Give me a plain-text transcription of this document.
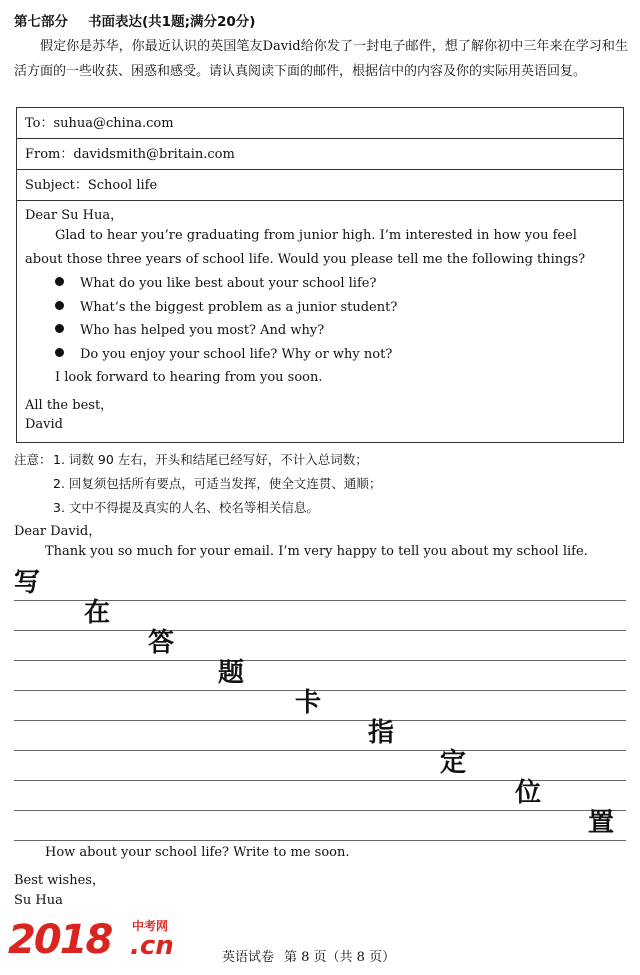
第七部分 书面表达(共1题;满分20分)
假定你是苏华，你最近认识的英国笔友David给你发了一封电子邮件，想了解你初中三年来在学习和生活方面的一些收获、困惑和感受。请认真阅读下面的邮件，根据信中的内容及你的实际用英语回复。
To：suhua@china.com
From：davidsmith@britain.com
Subject：School life
Dear Su Hua，
Glad to hear you’re graduating from junior high. I’m interested in how you feel
about those three years of school life. Would you please tell me the following things?
What do you like best about your school life?
What’s the biggest problem as a junior student?
Who has helped you most? And why?
Do you enjoy your school life? Why or why not?
I look forward to hearing from you soon.
All the best，
David
注意： 1. 词数 90 左右，开头和结尾已经写好，不计入总词数；
2. 回复须包括所有要点，可适当发挥，使全文连贯、通顺；
3. 文中不得提及真实的人名、校名等相关信息。
Dear David，
Thank you so much for your email. I’m very happy to tell you about my school life.
写
在
答
题
卡
指
定
位
置
How about your school life? Write to me soon.
Best wishes，
Su Hua
2018 中考网
.cn	英语试卷 第 8 页（共 8 页）
